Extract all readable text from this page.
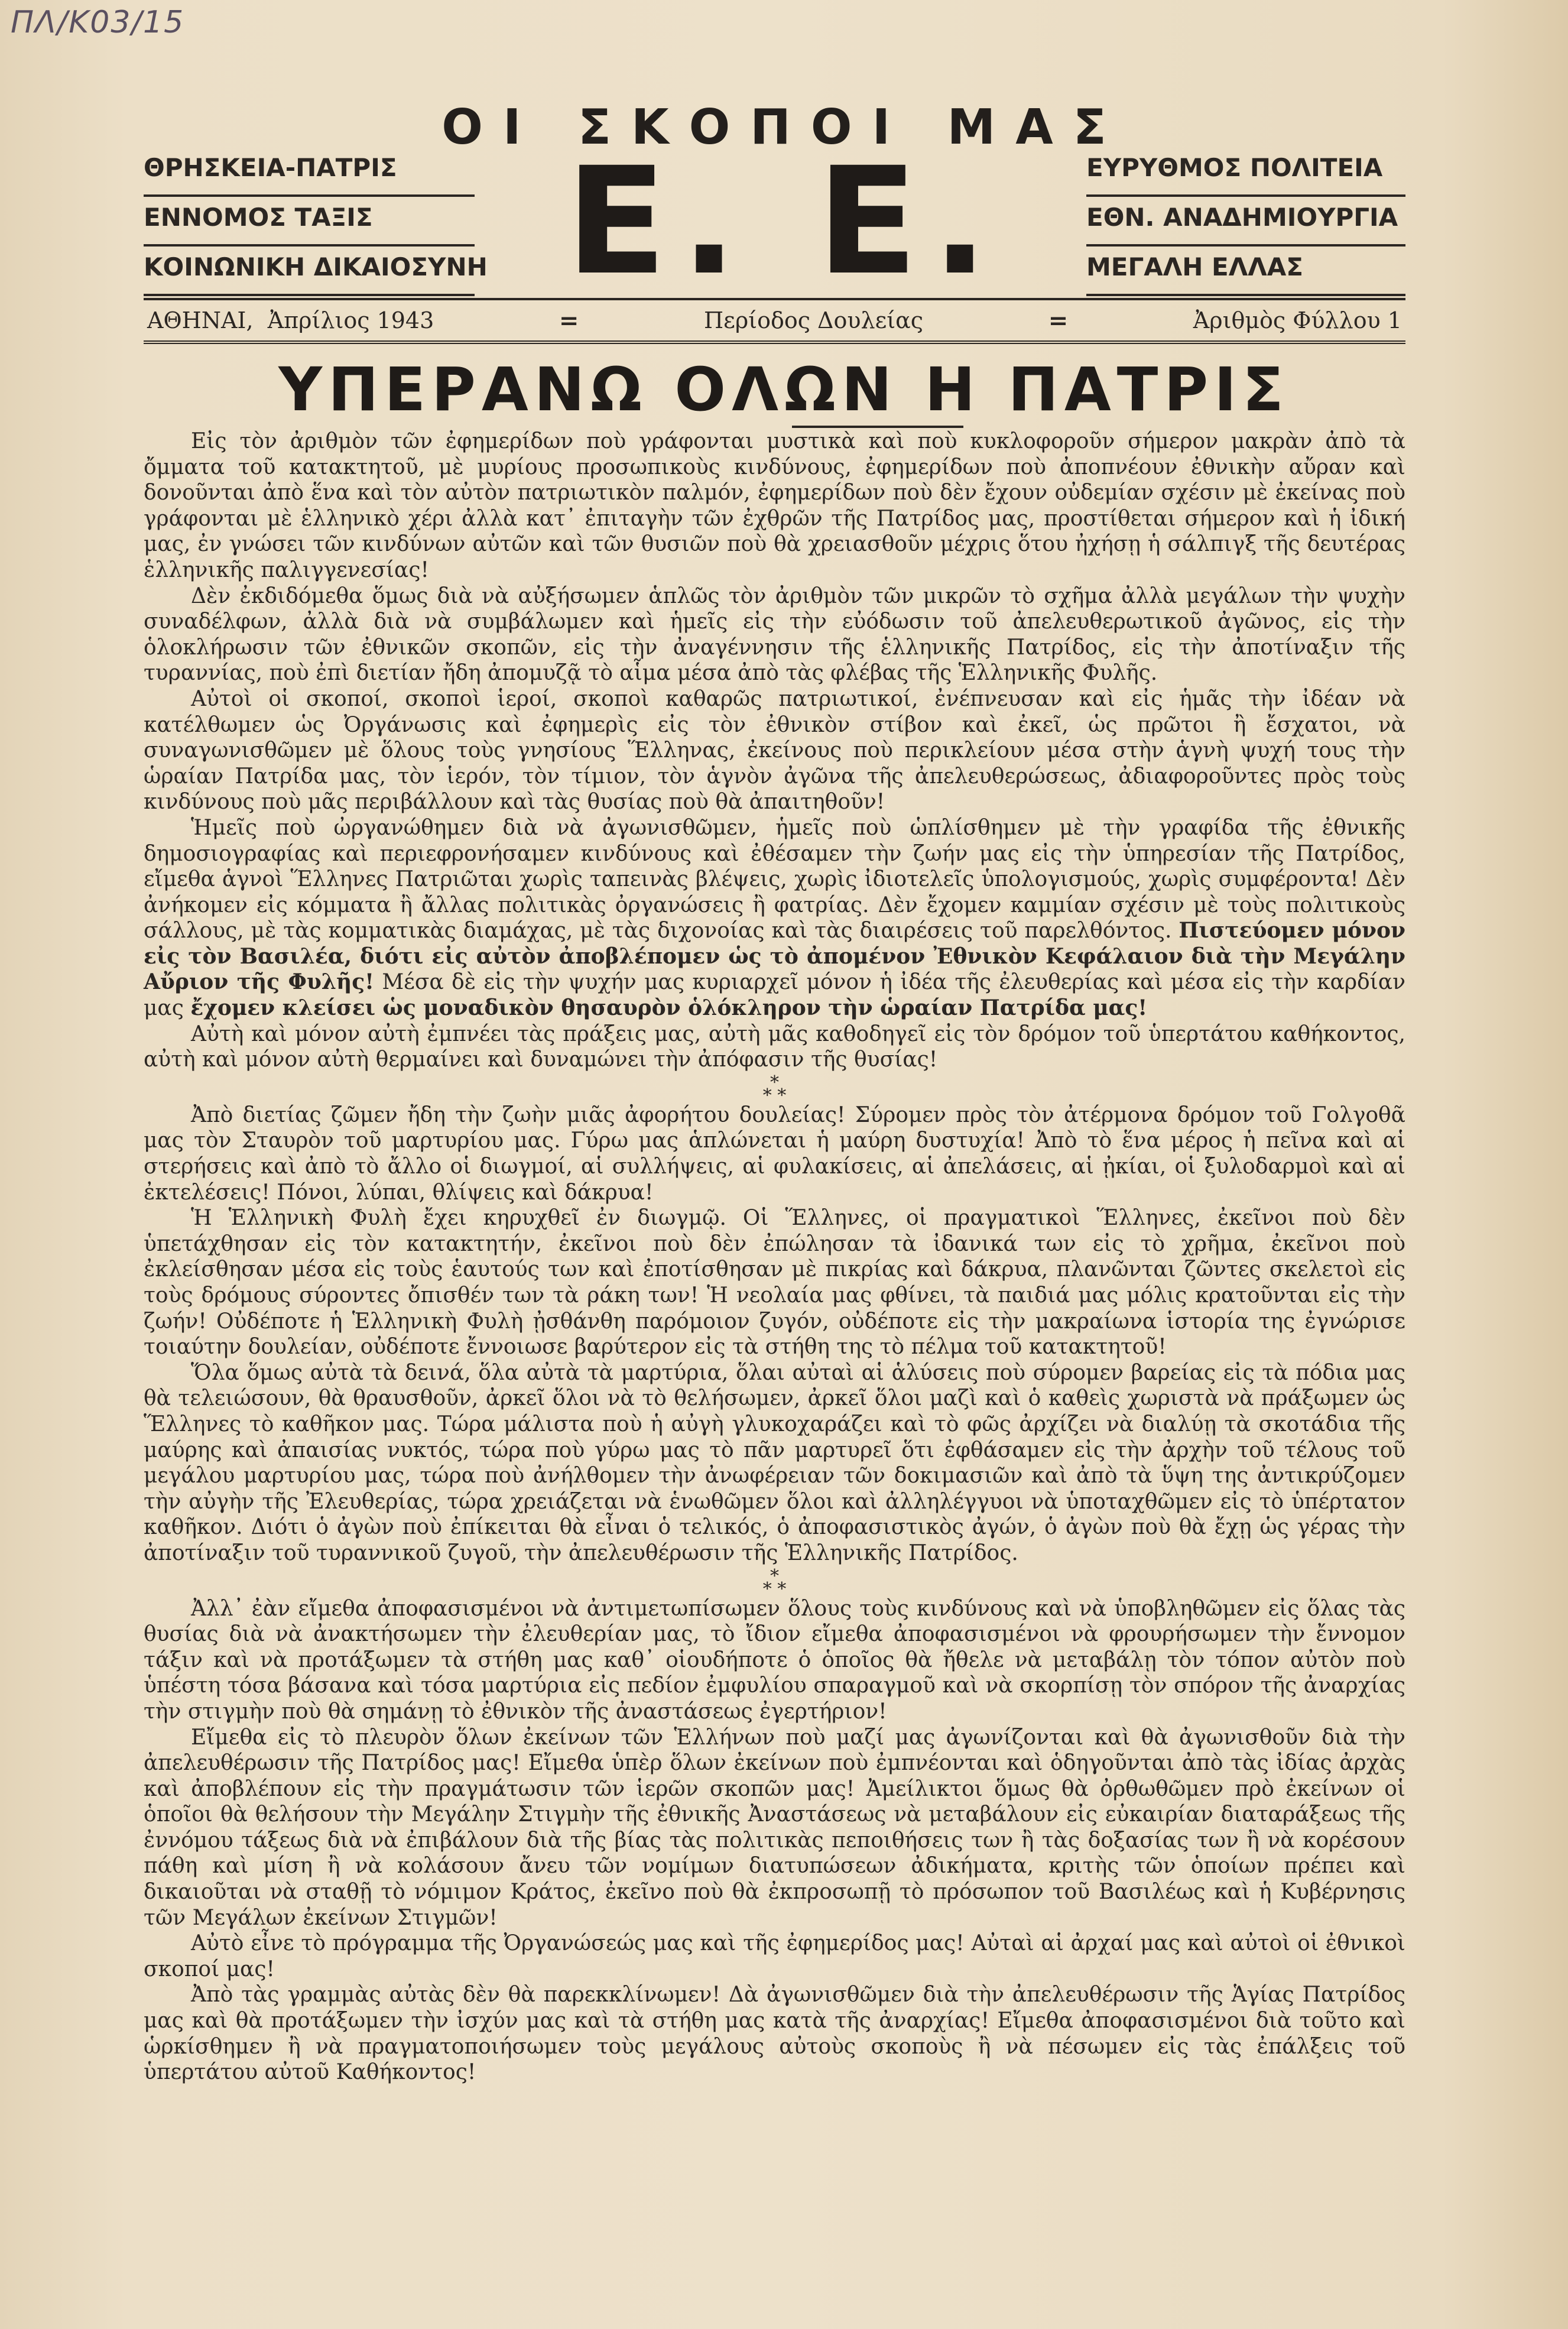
ΠΛ/Κ03/15
ΟΙ ΣΚΟΠΟΙ ΜΑΣ
Ε. Ε.
ΘΡΗΣΚΕΙΑ-ΠΑΤΡΙΣ
ΕΝΝΟΜΟΣ ΤΑΞΙΣ
ΚΟΙΝΩΝΙΚΗ ΔΙΚΑΙΟΣΥΝΗ
ΕΥΡΥΘΜΟΣ ΠΟΛΙΤΕΙΑ
ΕΘΝ. ΑΝΑΔΗΜΙΟΥΡΓΙΑ
ΜΕΓΑΛΗ ΕΛΛΑΣ
ΑΘΗΝΑΙ, Ἀπρίλιος 1943	=	Περίοδος Δουλείας	=	Ἀριθμὸς Φύλλου 1
ΥΠΕΡΑΝΩ ΟΛΩΝ Η ΠΑΤΡΙΣ

Εἰς τὸν ἀριθμὸν τῶν ἐφημερίδων ποὺ γράφονται μυστικὰ καὶ ποὺ κυκλοφοροῦν σήμερον μακρὰν ἀπὸ τὰ ὄμματα τοῦ κατακτητοῦ, μὲ μυρίους προσωπικοὺς κινδύνους, ἐφημερίδων ποὺ ἀποπνέουν ἐθνικὴν αὔραν καὶ δονοῦνται ἀπὸ ἕνα καὶ τὸν αὐτὸν πατριωτικὸν παλμόν, ἐφημερίδων ποὺ δὲν ἔχουν οὐδεμίαν σχέσιν μὲ ἐκείνας ποὺ γράφονται μὲ ἑλληνικὸ χέρι ἀλλὰ κατ᾽ ἐπιταγὴν τῶν ἐχθρῶν τῆς Πατρίδος μας, προστίθεται σήμερον καὶ ἡ ἰδική μας, ἐν γνώσει τῶν κινδύνων αὐτῶν καὶ τῶν θυσιῶν ποὺ θὰ χρειασθοῦν μέχρις ὅτου ἠχήσῃ ἡ σάλπιγξ τῆς δευτέρας ἑλληνικῆς παλιγγενεσίας!

Δὲν ἐκδιδόμεθα ὅμως διὰ νὰ αὐξήσωμεν ἁπλῶς τὸν ἀριθμὸν τῶν μικρῶν τὸ σχῆμα ἀλλὰ μεγάλων τὴν ψυχὴν συναδέλφων, ἀλλὰ διὰ νὰ συμβάλωμεν καὶ ἡμεῖς εἰς τὴν εὐόδωσιν τοῦ ἀπελευθερωτικοῦ ἀγῶνος, εἰς τὴν ὁλοκλήρωσιν τῶν ἐθνικῶν σκοπῶν, εἰς τὴν ἀναγέννησιν τῆς ἑλληνικῆς Πατρίδος, εἰς τὴν ἀποτίναξιν τῆς τυραννίας, ποὺ ἐπὶ διετίαν ἤδη ἀπομυζᾷ τὸ αἷμα μέσα ἀπὸ τὰς φλέβας τῆς Ἑλληνικῆς Φυλῆς.

Αὐτοὶ οἱ σκοποί, σκοποὶ ἱεροί, σκοποὶ καθαρῶς πατριωτικοί, ἐνέπνευσαν καὶ εἰς ἡμᾶς τὴν ἰδέαν νὰ κατέλθωμεν ὡς Ὀργάνωσις καὶ ἐφημερὶς εἰς τὸν ἐθνικὸν στίβον καὶ ἐκεῖ, ὡς πρῶτοι ἢ ἔσχατοι, νὰ συναγωνισθῶμεν μὲ ὅλους τοὺς γνησίους Ἕλληνας, ἐκείνους ποὺ περικλείουν μέσα στὴν ἁγνὴ ψυχή τους τὴν ὡραίαν Πατρίδα μας, τὸν ἱερόν, τὸν τίμιον, τὸν ἁγνὸν ἀγῶνα τῆς ἀπελευθερώσεως, ἀδιαφοροῦντες πρὸς τοὺς κινδύνους ποὺ μᾶς περιβάλλουν καὶ τὰς θυσίας ποὺ θὰ ἀπαιτηθοῦν!

Ἡμεῖς ποὺ ὠργανώθημεν διὰ νὰ ἀγωνισθῶμεν, ἡμεῖς ποὺ ὡπλίσθημεν μὲ τὴν γραφίδα τῆς ἐθνικῆς δημοσιογραφίας καὶ περιεφρονήσαμεν κινδύνους καὶ ἐθέσαμεν τὴν ζωήν μας εἰς τὴν ὑπηρεσίαν τῆς Πατρίδος, εἴμεθα ἁγνοὶ Ἕλληνες Πατριῶται χωρὶς ταπεινὰς βλέψεις, χωρὶς ἰδιοτελεῖς ὑπολογισμούς, χωρὶς συμφέροντα! Δὲν ἀνήκομεν εἰς κόμματα ἢ ἄλλας πολιτικὰς ὀργανώσεις ἢ φατρίας. Δὲν ἔχομεν καμμίαν σχέσιν μὲ τοὺς πολιτικοὺς σάλλους, μὲ τὰς κομματικὰς διαμάχας, μὲ τὰς διχονοίας καὶ τὰς διαιρέσεις τοῦ παρελθόντος. Πιστεύομεν μόνον εἰς τὸν Βασιλέα, διότι εἰς αὐτὸν ἀποβλέπομεν ὡς τὸ ἀπομένον Ἐθνικὸν Κεφάλαιον διὰ τὴν Μεγάλην Αὔριον τῆς Φυλῆς! Μέσα δὲ εἰς τὴν ψυχήν μας κυριαρχεῖ μόνον ἡ ἰδέα τῆς ἐλευθερίας καὶ μέσα εἰς τὴν καρδίαν μας ἔχομεν κλείσει ὡς μοναδικὸν θησαυρὸν ὁλόκληρον τὴν ὡραίαν Πατρίδα μας!

Αὐτὴ καὶ μόνον αὐτὴ ἐμπνέει τὰς πράξεις μας, αὐτὴ μᾶς καθοδηγεῖ εἰς τὸν δρόμον τοῦ ὑπερτάτου καθήκοντος, αὐτὴ καὶ μόνον αὐτὴ θερμαίνει καὶ δυναμώνει τὴν ἀπόφασιν τῆς θυσίας!

*
* *

Ἀπὸ διετίας ζῶμεν ἤδη τὴν ζωὴν μιᾶς ἀφορήτου δουλείας! Σύρομεν πρὸς τὸν ἀτέρμονα δρόμον τοῦ Γολγοθᾶ μας τὸν Σταυρὸν τοῦ μαρτυρίου μας. Γύρω μας ἁπλώνεται ἡ μαύρη δυστυχία! Ἀπὸ τὸ ἕνα μέρος ἡ πεῖνα καὶ αἱ στερήσεις καὶ ἀπὸ τὸ ἄλλο οἱ διωγμοί, αἱ συλλήψεις, αἱ φυλακίσεις, αἱ ἀπελάσεις, αἱ ᾐκίαι, οἱ ξυλοδαρμοὶ καὶ αἱ ἐκτελέσεις! Πόνοι, λύπαι, θλίψεις καὶ δάκρυα!

Ἡ Ἑλληνικὴ Φυλὴ ἔχει κηρυχθεῖ ἐν διωγμῷ. Οἱ Ἕλληνες, οἱ πραγματικοὶ Ἕλληνες, ἐκεῖνοι ποὺ δὲν ὑπετάχθησαν εἰς τὸν κατακτητήν, ἐκεῖνοι ποὺ δὲν ἐπώλησαν τὰ ἰδανικά των εἰς τὸ χρῆμα, ἐκεῖνοι ποὺ ἐκλείσθησαν μέσα εἰς τοὺς ἑαυτούς των καὶ ἐποτίσθησαν μὲ πικρίας καὶ δάκρυα, πλανῶνται ζῶντες σκελετοὶ εἰς τοὺς δρόμους σύροντες ὄπισθέν των τὰ ράκη των! Ἡ νεολαία μας φθίνει, τὰ παιδιά μας μόλις κρατοῦνται εἰς τὴν ζωήν! Οὐδέποτε ἡ Ἑλληνικὴ Φυλὴ ᾐσθάνθη παρόμοιον ζυγόν, οὐδέποτε εἰς τὴν μακραίωνα ἱστορία της ἐγνώρισε τοιαύτην δουλείαν, οὐδέποτε ἔννοιωσε βαρύτερον εἰς τὰ στήθη της τὸ πέλμα τοῦ κατακτητοῦ!

Ὅλα ὅμως αὐτὰ τὰ δεινά, ὅλα αὐτὰ τὰ μαρτύρια, ὅλαι αὐταὶ αἱ ἁλύσεις ποὺ σύρομεν βαρείας εἰς τὰ πόδια μας θὰ τελειώσουν, θὰ θραυσθοῦν, ἀρκεῖ ὅλοι νὰ τὸ θελήσωμεν, ἀρκεῖ ὅλοι μαζὶ καὶ ὁ καθεὶς χωριστὰ νὰ πράξωμεν ὡς Ἕλληνες τὸ καθῆκον μας. Τώρα μάλιστα ποὺ ἡ αὐγὴ γλυκοχαράζει καὶ τὸ φῶς ἀρχίζει νὰ διαλύῃ τὰ σκοτάδια τῆς μαύρης καὶ ἀπαισίας νυκτός, τώρα ποὺ γύρω μας τὸ πᾶν μαρτυρεῖ ὅτι ἐφθάσαμεν εἰς τὴν ἀρχὴν τοῦ τέλους τοῦ μεγάλου μαρτυρίου μας, τώρα ποὺ ἀνήλθομεν τὴν ἀνωφέρειαν τῶν δοκιμασιῶν καὶ ἀπὸ τὰ ὕψη της ἀντικρύζομεν τὴν αὐγὴν τῆς Ἐλευθερίας, τώρα χρειάζεται νὰ ἑνωθῶμεν ὅλοι καὶ ἀλληλέγγυοι νὰ ὑποταχθῶμεν εἰς τὸ ὑπέρτατον καθῆκον. Διότι ὁ ἀγὼν ποὺ ἐπίκειται θὰ εἶναι ὁ τελικός, ὁ ἀποφασιστικὸς ἀγών, ὁ ἀγὼν ποὺ θὰ ἔχῃ ὡς γέρας τὴν ἀποτίναξιν τοῦ τυραννικοῦ ζυγοῦ, τὴν ἀπελευθέρωσιν τῆς Ἑλληνικῆς Πατρίδος.

*
* *

Ἀλλ᾽ ἐὰν εἴμεθα ἀποφασισμένοι νὰ ἀντιμετωπίσωμεν ὅλους τοὺς κινδύνους καὶ νὰ ὑποβληθῶμεν εἰς ὅλας τὰς θυσίας διὰ νὰ ἀνακτήσωμεν τὴν ἐλευθερίαν μας, τὸ ἴδιον εἴμεθα ἀποφασισμένοι νὰ φρουρήσωμεν τὴν ἔννομον τάξιν καὶ νὰ προτάξωμεν τὰ στήθη μας καθ᾽ οἱουδήποτε ὁ ὁποῖος θὰ ἤθελε νὰ μεταβάλῃ τὸν τόπον αὐτὸν ποὺ ὑπέστη τόσα βάσανα καὶ τόσα μαρτύρια εἰς πεδίον ἐμφυλίου σπαραγμοῦ καὶ νὰ σκορπίσῃ τὸν σπόρον τῆς ἀναρχίας τὴν στιγμὴν ποὺ θὰ σημάνῃ τὸ ἐθνικὸν τῆς ἀναστάσεως ἐγερτήριον!

Εἴμεθα εἰς τὸ πλευρὸν ὅλων ἐκείνων τῶν Ἑλλήνων ποὺ μαζί μας ἀγωνίζονται καὶ θὰ ἀγωνισθοῦν διὰ τὴν ἀπελευθέρωσιν τῆς Πατρίδος μας! Εἴμεθα ὑπὲρ ὅλων ἐκείνων ποὺ ἐμπνέονται καὶ ὁδηγοῦνται ἀπὸ τὰς ἰδίας ἀρχὰς καὶ ἀποβλέπουν εἰς τὴν πραγμάτωσιν τῶν ἱερῶν σκοπῶν μας! Ἀμείλικτοι ὅμως θὰ ὀρθωθῶμεν πρὸ ἐκείνων οἱ ὁποῖοι θὰ θελήσουν τὴν Μεγάλην Στιγμὴν τῆς ἐθνικῆς Ἀναστάσεως νὰ μεταβάλουν εἰς εὐκαιρίαν διαταράξεως τῆς ἐννόμου τάξεως διὰ νὰ ἐπιβάλουν διὰ τῆς βίας τὰς πολιτικὰς πεποιθήσεις των ἢ τὰς δοξασίας των ἢ νὰ κορέσουν πάθη καὶ μίση ἢ νὰ κολάσουν ἄνευ τῶν νομίμων διατυπώσεων ἀδικήματα, κριτὴς τῶν ὁποίων πρέπει καὶ δικαιοῦται νὰ σταθῇ τὸ νόμιμον Κράτος, ἐκεῖνο ποὺ θὰ ἐκπροσωπῇ τὸ πρόσωπον τοῦ Βασιλέως καὶ ἡ Κυβέρνησις τῶν Μεγάλων ἐκείνων Στιγμῶν!

Αὐτὸ εἶνε τὸ πρόγραμμα τῆς Ὀργανώσεώς μας καὶ τῆς ἐφημερίδος μας! Αὐταὶ αἱ ἀρχαί μας καὶ αὐτοὶ οἱ ἐθνικοὶ σκοποί μας!

Ἀπὸ τὰς γραμμὰς αὐτὰς δὲν θὰ παρεκκλίνωμεν! Δὰ ἀγωνισθῶμεν διὰ τὴν ἀπελευθέρωσιν τῆς Ἁγίας Πατρίδος μας καὶ θὰ προτάξωμεν τὴν ἰσχύν μας καὶ τὰ στήθη μας κατὰ τῆς ἀναρχίας! Εἴμεθα ἀποφασισμένοι διὰ τοῦτο καὶ ὡρκίσθημεν ἢ νὰ πραγματοποιήσωμεν τοὺς μεγάλους αὐτοὺς σκοποὺς ἢ νὰ πέσωμεν εἰς τὰς ἐπάλξεις τοῦ ὑπερτάτου αὐτοῦ Καθήκοντος!
